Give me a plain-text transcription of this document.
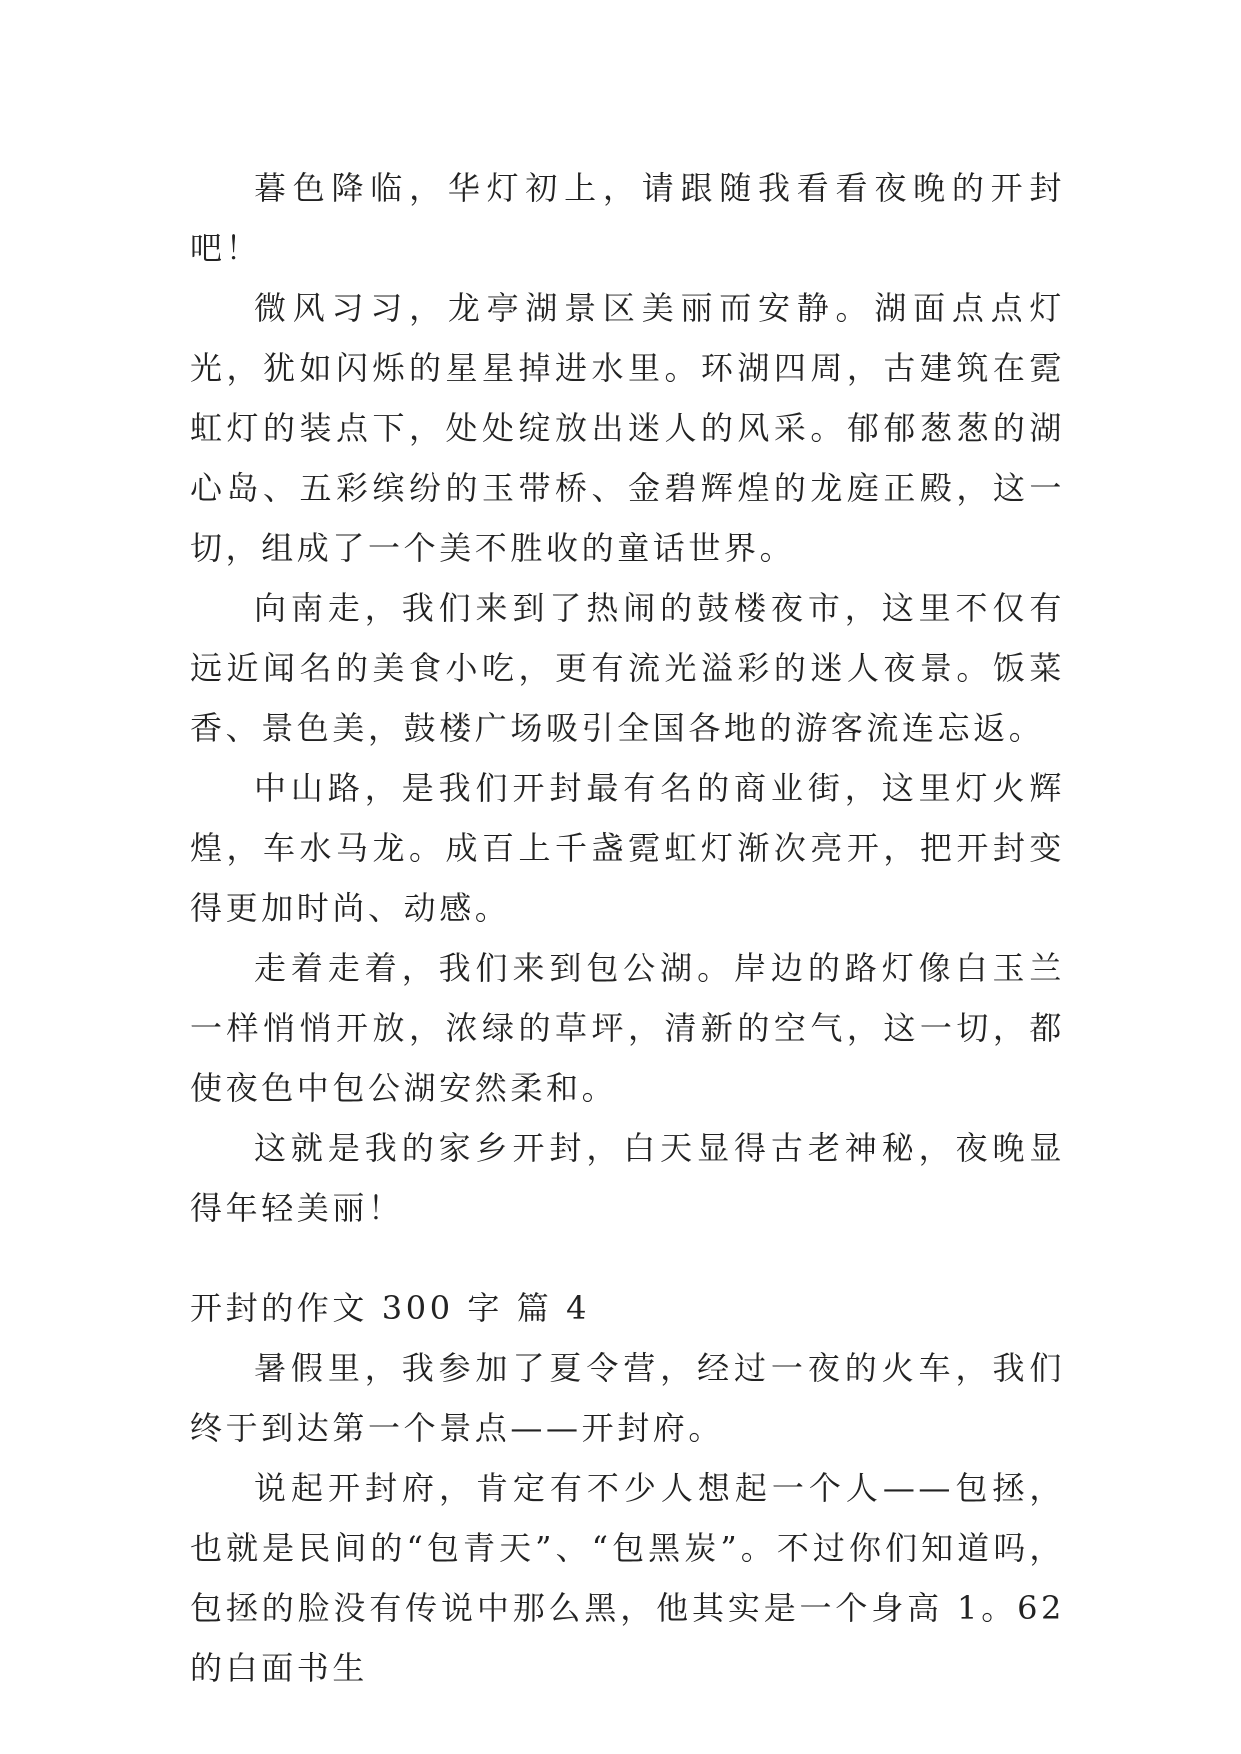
暮色降临，华灯初上，请跟随我看看夜晚的开封吧！

微风习习，龙亭湖景区美丽而安静。湖面点点灯光，犹如闪烁的星星掉进水里。环湖四周，古建筑在霓虹灯的装点下，处处绽放出迷人的风采。郁郁葱葱的湖心岛、五彩缤纷的玉带桥、金碧辉煌的龙庭正殿，这一切，组成了一个美不胜收的童话世界。

向南走，我们来到了热闹的鼓楼夜市，这里不仅有远近闻名的美食小吃，更有流光溢彩的迷人夜景。饭菜香、景色美，鼓楼广场吸引全国各地的游客流连忘返。

中山路，是我们开封最有名的商业街，这里灯火辉煌，车水马龙。成百上千盏霓虹灯渐次亮开，把开封变得更加时尚、动感。

走着走着，我们来到包公湖。岸边的路灯像白玉兰一样悄悄开放，浓绿的草坪，清新的空气，这一切，都使夜色中包公湖安然柔和。

这就是我的家乡开封，白天显得古老神秘，夜晚显得年轻美丽！

开封的作文 300 字 篇 4

暑假里，我参加了夏令营，经过一夜的火车，我们终于到达第一个景点——开封府。

说起开封府，肯定有不少人想起一个人——包拯，也就是民间的“包青天”、“包黑炭”。不过你们知道吗，包拯的脸没有传说中那么黑，他其实是一个身高 1。62 的白面书生
